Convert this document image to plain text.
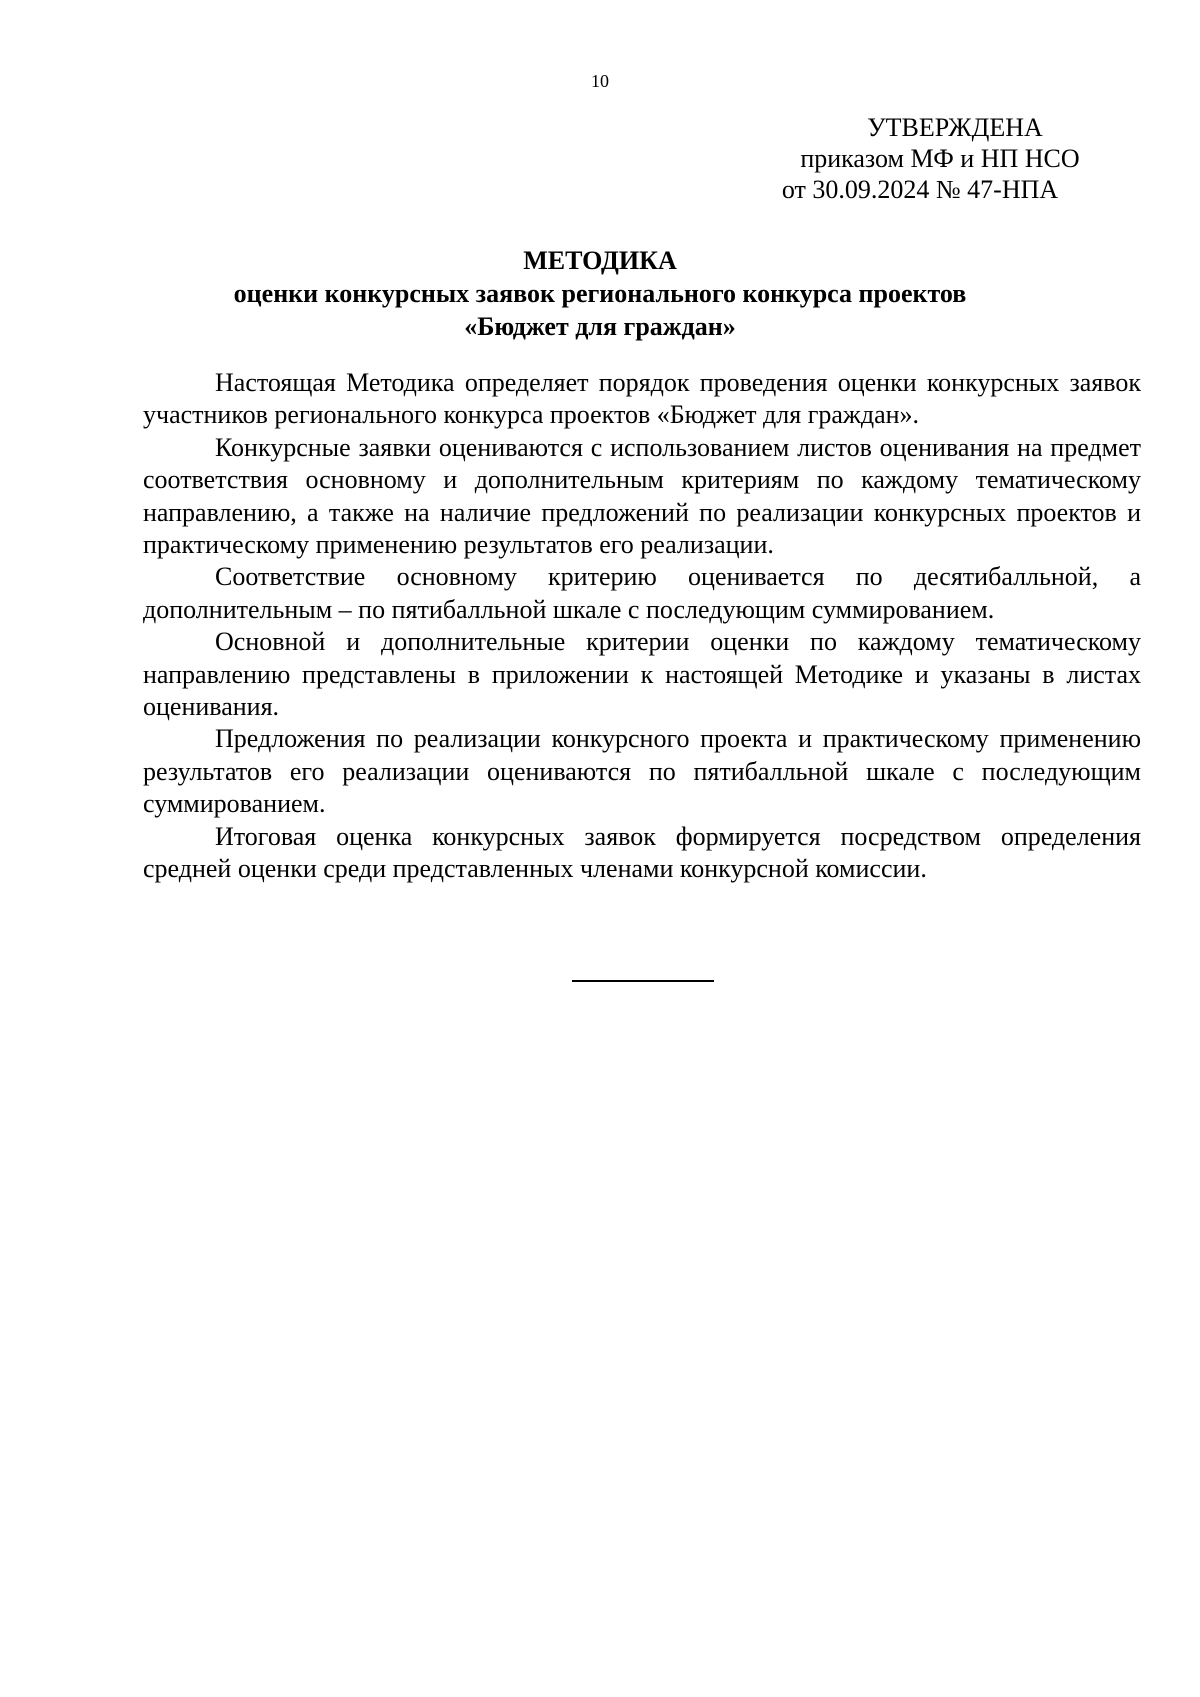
10
УТВЕРЖДЕНА
приказом МФ и НП НСО
от 30.09.2024 № 47-НПА
МЕТОДИКА
оценки конкурсных заявок регионального конкурса проектов
«Бюджет для граждан»

Настоящая Методика определяет порядок проведения оценки конкурсных заявок участников регионального конкурса проектов «Бюджет для граждан».

Конкурсные заявки оцениваются с использованием листов оценивания на предмет соответствия основному и дополнительным критериям по каждому тематическому направлению, а также на наличие предложений по реализации конкурсных проектов и практическому применению результатов его реализации.

Соответствие основному критерию оценивается по десятибалльной, а дополнительным – по пятибалльной шкале с последующим суммированием.

Основной и дополнительные критерии оценки по каждому тематическому направлению представлены в приложении к настоящей Методике и указаны в листах оценивания.

Предложения по реализации конкурсного проекта и практическому применению результатов его реализации оцениваются по пятибалльной шкале с последующим суммированием.

Итоговая оценка конкурсных заявок формируется посредством определения средней оценки среди представленных членами конкурсной комиссии.
